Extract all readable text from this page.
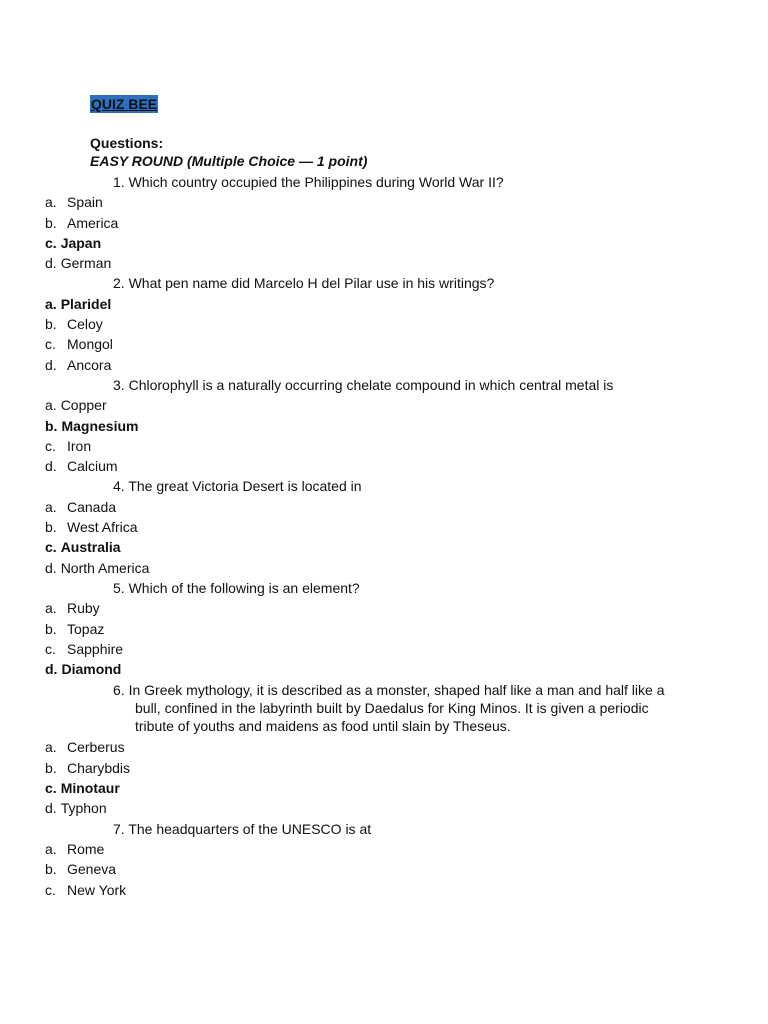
QUIZ BEE
Questions:
EASY ROUND (Multiple Choice — 1 point)
1. Which country occupied the Philippines during World War II?
a. Spain
b. America
c. Japan
d. German
2. What pen name did Marcelo H del Pilar use in his writings?
a. Plaridel
b. Celoy
c. Mongol
d. Ancora
3. Chlorophyll is a naturally occurring chelate compound in which central metal is
a. Copper
b. Magnesium
c. Iron
d. Calcium
4. The great Victoria Desert is located in
a. Canada
b. West Africa
c. Australia
d. North America
5. Which of the following is an element?
a. Ruby
b. Topaz
c. Sapphire
d. Diamond
6. In Greek mythology, it is described as a monster, shaped half like a man and half like a
bull, confined in the labyrinth built by Daedalus for King Minos. It is given a periodic
tribute of youths and maidens as food until slain by Theseus.
a. Cerberus
b. Charybdis
c. Minotaur
d. Typhon
7. The headquarters of the UNESCO is at
a. Rome
b. Geneva
c. New York
